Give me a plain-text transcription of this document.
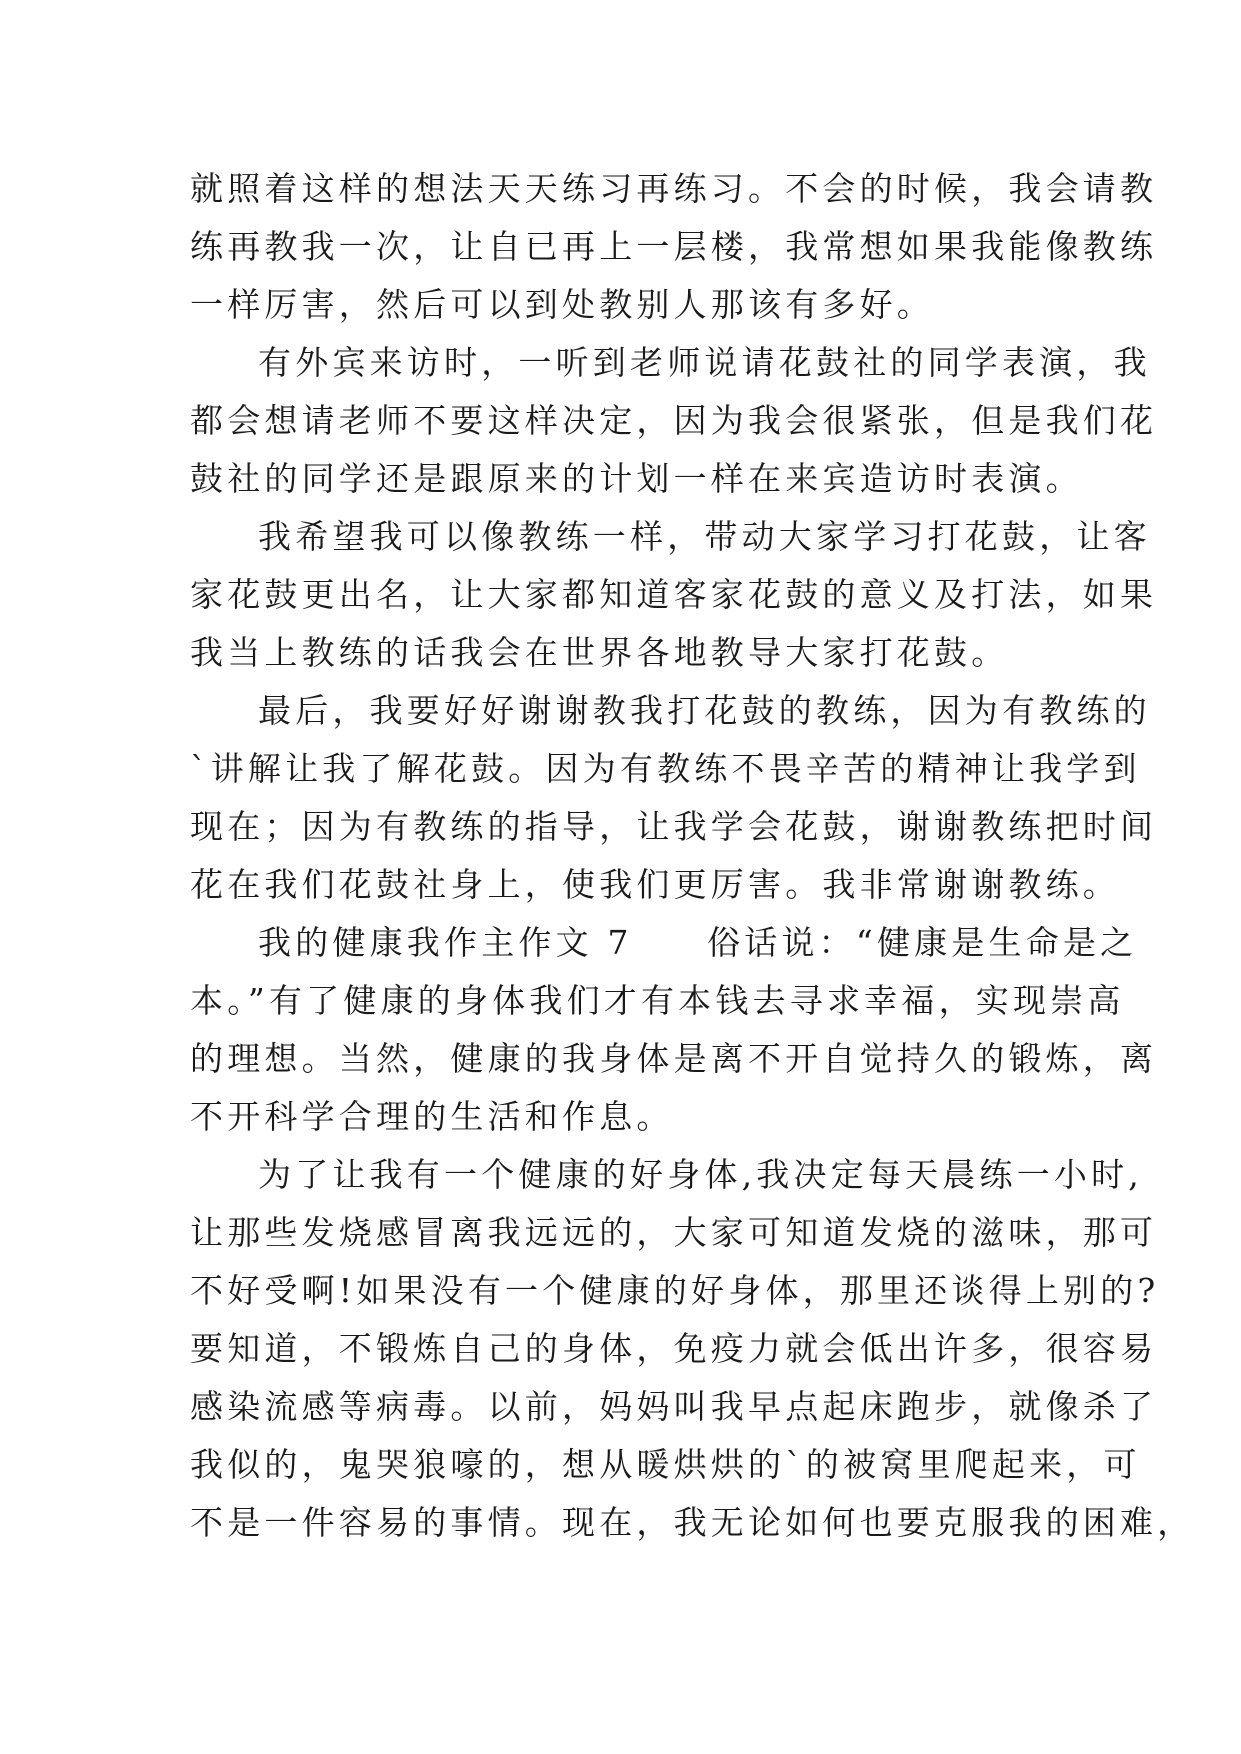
就照着这样的想法天天练习再练习。不会的时候，我会请教
练再教我一次，让自已再上一层楼，我常想如果我能像教练
一样厉害，然后可以到处教别人那该有多好。
有外宾来访时，一听到老师说请花鼓社的同学表演，我
都会想请老师不要这样决定，因为我会很紧张，但是我们花
鼓社的同学还是跟原来的计划一样在来宾造访时表演。
我希望我可以像教练一样，带动大家学习打花鼓，让客
家花鼓更出名，让大家都知道客家花鼓的意义及打法，如果
我当上教练的话我会在世界各地教导大家打花鼓。
最后，我要好好谢谢教我打花鼓的教练，因为有教练的
`讲解让我了解花鼓。因为有教练不畏辛苦的精神让我学到
现在；因为有教练的指导，让我学会花鼓，谢谢教练把时间
花在我们花鼓社身上，使我们更厉害。我非常谢谢教练。
我的健康我作主作文 7　　俗话说：“健康是生命是之
本。”有了健康的身体我们才有本钱去寻求幸福，实现崇高
的理想。当然，健康的我身体是离不开自觉持久的锻炼，离
不开科学合理的生活和作息。
为了让我有一个健康的好身体,我决定每天晨练一小时,
让那些发烧感冒离我远远的，大家可知道发烧的滋味，那可
不好受啊!如果没有一个健康的好身体，那里还谈得上别的?
要知道，不锻炼自己的身体，免疫力就会低出许多，很容易
感染流感等病毒。以前，妈妈叫我早点起床跑步，就像杀了
我似的，鬼哭狼嚎的，想从暖烘烘的`的被窝里爬起来，可
不是一件容易的事情。现在，我无论如何也要克服我的困难，
